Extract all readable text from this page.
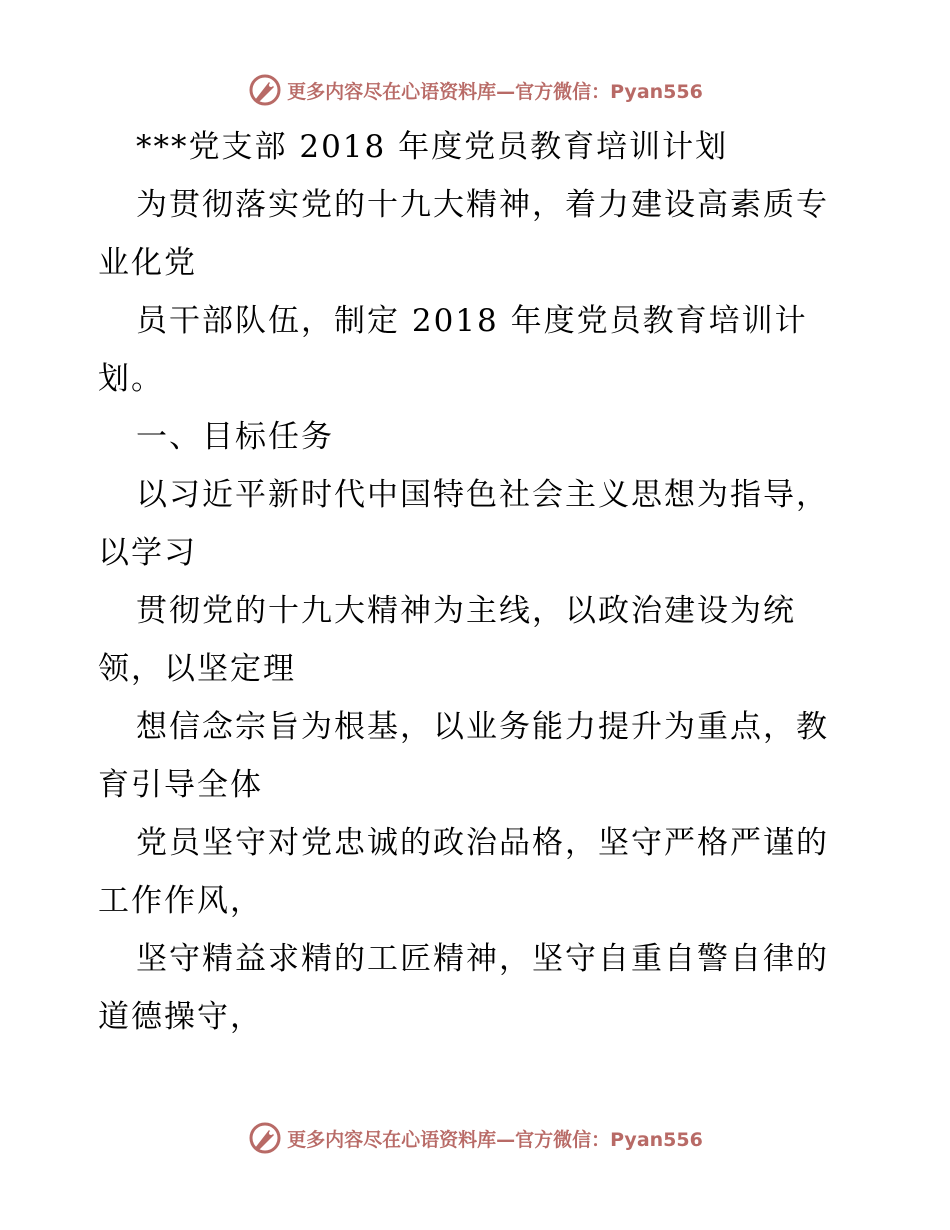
更多内容尽在心语资料库—官方微信：Pyan556
***党支部 2018 年度党员教育培训计划
为贯彻落实党的十九大精神，着力建设高素质专
业化党
员干部队伍，制定 2018 年度党员教育培训计
划。
一、目标任务
以习近平新时代中国特色社会主义思想为指导，
以学习
贯彻党的十九大精神为主线，以政治建设为统
领，以坚定理
想信念宗旨为根基，以业务能力提升为重点，教
育引导全体
党员坚守对党忠诚的政治品格，坚守严格严谨的
工作作风，
坚守精益求精的工匠精神，坚守自重自警自律的
道德操守，
更多内容尽在心语资料库—官方微信：Pyan556
